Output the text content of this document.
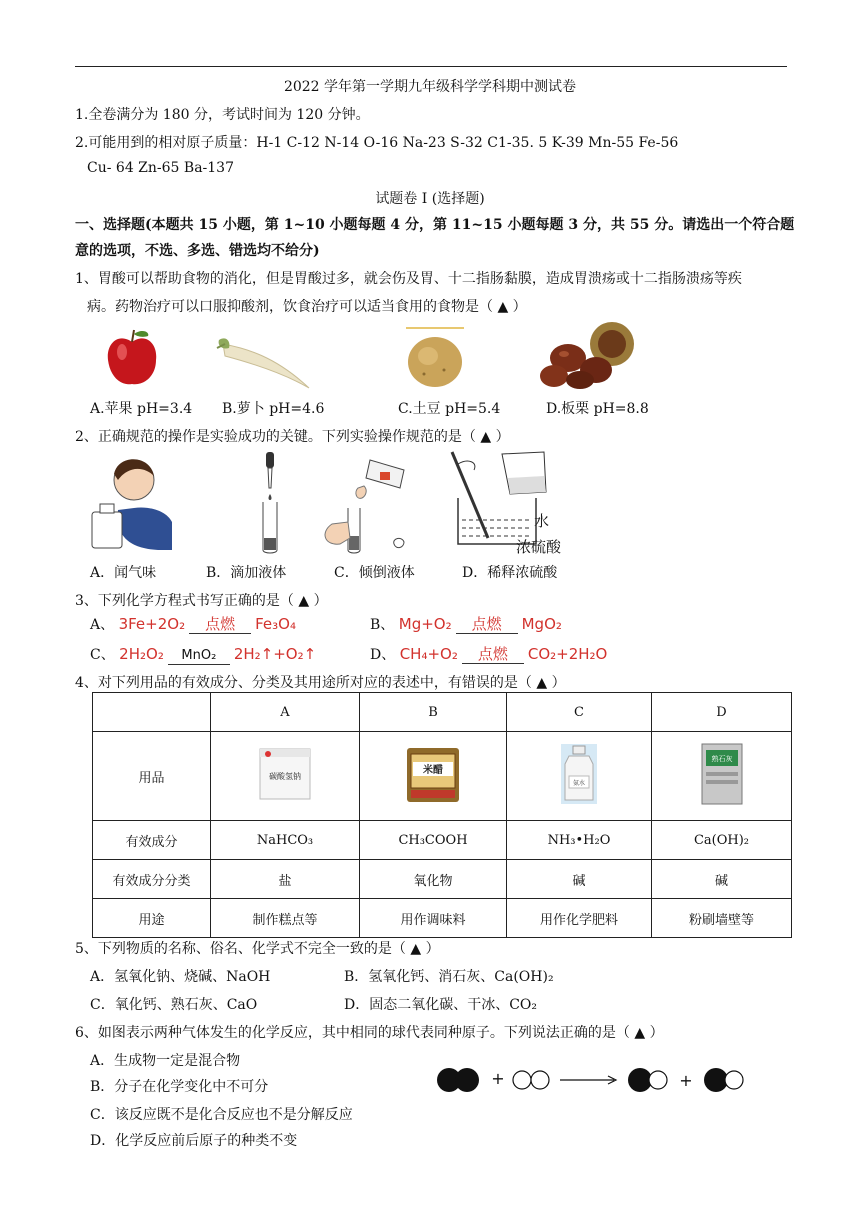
2022 学年第一学期九年级科学学科期中测试卷
1.全卷满分为 180 分，考试时间为 120 分钟。
2.可能用到的相对原子质量：H-1 C-12 N-14 O-16 Na-23 S-32 C1-35. 5 K-39 Mn-55 Fe-56
Cu- 64 Zn-65 Ba-137
试题卷 I (选择题)
一、选择题(本题共 15 小题，第 1~10 小题每题 4 分，第 11~15 小题每题 3 分，共 55 分。请选出一个符合题
意的选项，不选、多选、错选均不给分)
1、胃酸可以帮助食物的消化，但是胃酸过多，就会伤及胃、十二指肠黏膜，造成胃溃疡或十二指肠溃疡等疾
病。药物治疗可以口服抑酸剂，饮食治疗可以适当食用的食物是（ ▲ ）
A.苹果 pH=3.4 B.萝卜 pH=4.6	C.土豆 pH=5.4	D.板栗 pH=8.8
2、正确规范的操作是实验成功的关键。下列实验操作规范的是（ ▲ ）
水
浓硫酸
A．闻气味	B．滴加液体	C．倾倒液体	D．稀释浓硫酸
3、下列化学方程式书写正确的是（ ▲ ）
A、 3Fe+2O₂ 点燃 Fe₃O₄	B、 Mg+O₂ 点燃 MgO₂
C、 2H₂O₂ MnO₂ 2H₂↑+O₂↑	D、 CH₄+O₂ 点燃 CO₂+2H₂O
4、对下列用品的有效成分、分类及其用途所对应的表述中，有错误的是（ ▲ ）
	A	B	C	D
用品	碳酸氢钠	米醋	氨水	熟石灰

有效成分	NaHCO₃	CH₃COOH	NH₃•H₂O	Ca(OH)₂
有效成分分类	盐	氧化物	碱	碱
用途	制作糕点等	用作调味料	用作化学肥料	粉刷墙壁等
5、下列物质的名称、俗名、化学式不完全一致的是（ ▲ ）
A．氢氧化钠、烧碱、NaOH	B．氢氧化钙、消石灰、Ca(OH)₂
C．氧化钙、熟石灰、CaO	D．固态二氧化碳、干冰、CO₂
6、如图表示两种气体发生的化学反应，其中相同的球代表同种原子。下列说法正确的是（ ▲ ）
A．生成物一定是混合物
B．分子在化学变化中不可分
C．该反应既不是化合反应也不是分解反应
D．化学反应前后原子的种类不变
+	+
